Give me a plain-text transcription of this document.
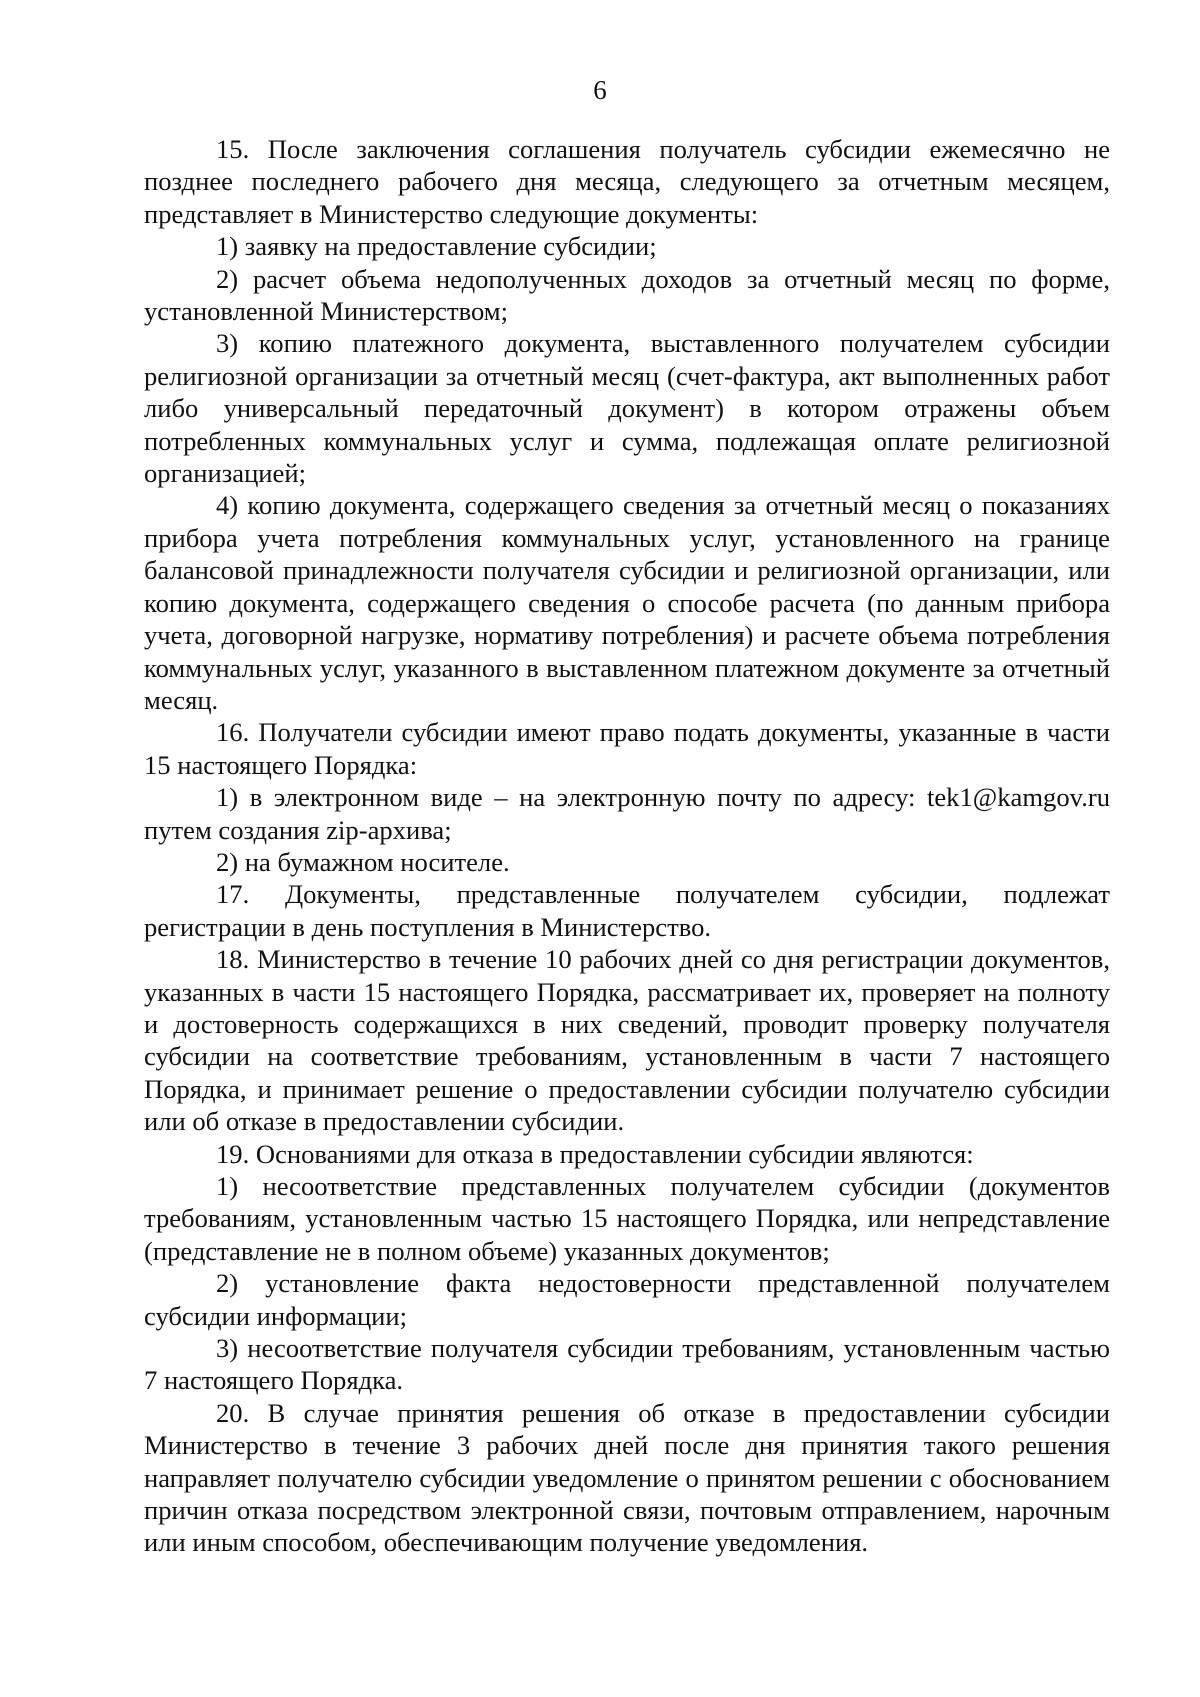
6

15. После заключения соглашения получатель субсидии ежемесячно не позднее последнего рабочего дня месяца, следующего за отчетным месяцем, представляет в Министерство следующие документы:

1) заявку на предоставление субсидии;

2) расчет объема недополученных доходов за отчетный месяц по форме, установленной Министерством;

3) копию платежного документа, выставленного получателем субсидии религиозной организации за отчетный месяц (счет-фактура, акт выполненных работ либо универсальный передаточный документ) в котором отражены объем потребленных коммунальных услуг и сумма, подлежащая оплате религиозной организацией;

4) копию документа, содержащего сведения за отчетный месяц о показаниях прибора учета потребления коммунальных услуг, установленного на границе балансовой принадлежности получателя субсидии и религиозной организации, или копию документа, содержащего сведения о способе расчета (по данным прибора учета, договорной нагрузке, нормативу потребления) и расчете объема потребления коммунальных услуг, указанного в выставленном платежном документе за отчетный месяц.

16. Получатели субсидии имеют право подать документы, указанные в части 15 настоящего Порядка:

1) в электронном виде – на электронную почту по адресу: tek1@kamgov.ru путем создания zip-архива;

2) на бумажном носителе.

17. Документы, представленные получателем субсидии, подлежат регистрации в день поступления в Министерство.

18. Министерство в течение 10 рабочих дней со дня регистрации документов, указанных в части 15 настоящего Порядка, рассматривает их, проверяет на полноту и достоверность содержащихся в них сведений, проводит проверку получателя субсидии на соответствие требованиям, установленным в части 7 настоящего Порядка, и принимает решение о предоставлении субсидии получателю субсидии или об отказе в предоставлении субсидии.

19. Основаниями для отказа в предоставлении субсидии являются:

1) несоответствие представленных получателем субсидии (документов требованиям, установленным частью 15 настоящего Порядка, или непредставление (представление не в полном объеме) указанных документов;

2) установление факта недостоверности представленной получателем субсидии информации;

3) несоответствие получателя субсидии требованиям, установленным частью 7 настоящего Порядка.

20. В случае принятия решения об отказе в предоставлении субсидии Министерство в течение 3 рабочих дней после дня принятия такого решения направляет получателю субсидии уведомление о принятом решении с обоснованием причин отказа посредством электронной связи, почтовым отправлением, нарочным или иным способом, обеспечивающим получение уведомления.
